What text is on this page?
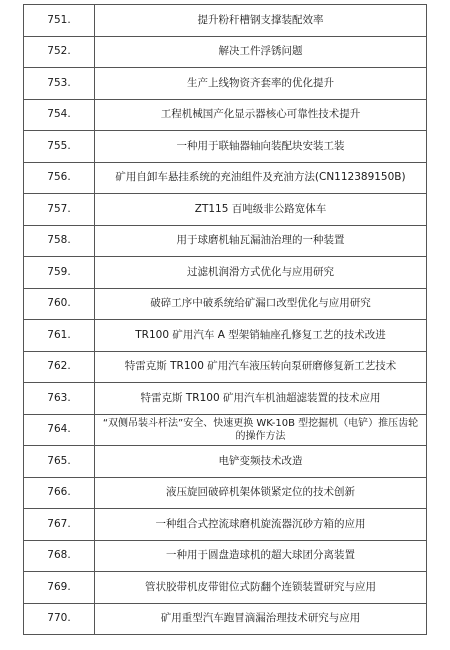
751.	提升粉秆槽钢支撑装配效率
752.	解决工件浮锈问题
753.	生产上线物资齐套率的优化提升
754.	工程机械国产化显示器核心可靠性技术提升
755.	一种用于联轴器轴向装配块安装工装
756.	矿用自卸车悬挂系统的充油组件及充油方法(CN112389150B)
757.	ZT115 百吨级非公路宽体车
758.	用于球磨机轴瓦漏油治理的一种装置
759.	过滤机润滑方式优化与应用研究
760.	破碎工序中破系统给矿漏口改型优化与应用研究
761.	TR100 矿用汽车 A 型架销轴座孔修复工艺的技术改进
762.	特雷克斯 TR100 矿用汽车液压转向泵研磨修复新工艺技术
763.	特雷克斯 TR100 矿用汽车机油超滤装置的技术应用
764.	“双侧吊装斗杆法”安全、快速更换 WK-10B 型挖掘机（电铲）推压齿轮的操作方法
765.	电铲变频技术改造
766.	液压旋回破碎机架体锁紧定位的技术创新
767.	一种组合式控流球磨机旋流器沉砂方箱的应用
768.	一种用于圆盘造球机的超大球团分离装置
769.	管状胶带机皮带钳位式防翻个连锁装置研究与应用
770.	矿用重型汽车跑冒滴漏治理技术研究与应用
